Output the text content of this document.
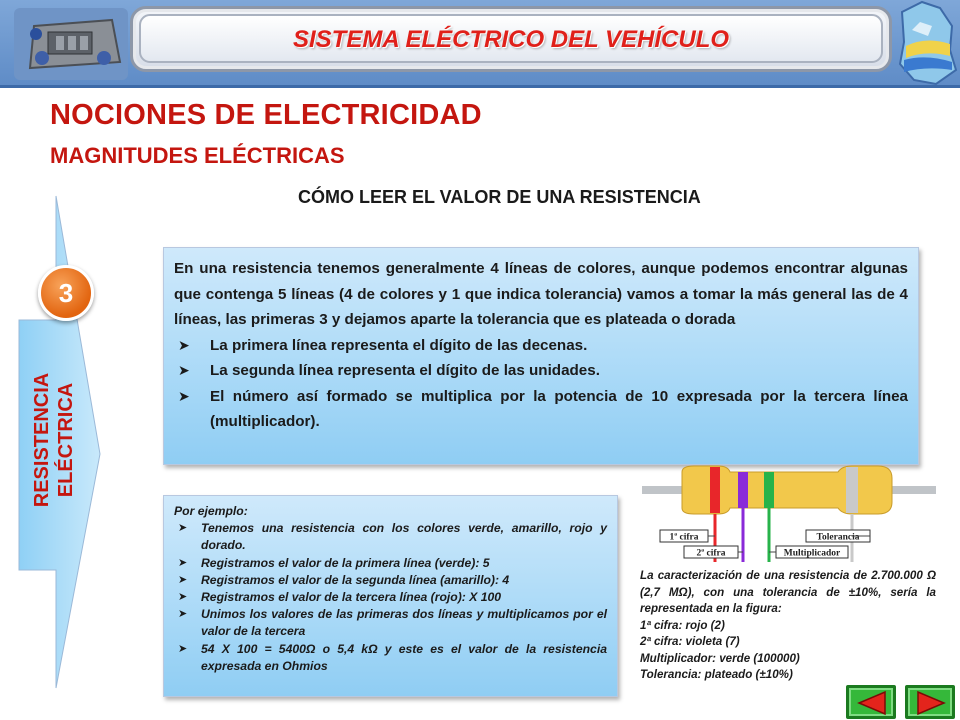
SISTEMA ELÉCTRICO DEL VEHÍCULO
NOCIONES DE ELECTRICIDAD
MAGNITUDES ELÉCTRICAS
CÓMO LEER EL VALOR DE UNA RESISTENCIA
3
RESISTENCIA ELÉCTRICA

En una resistencia tenemos generalmente 4 líneas de colores, aunque podemos encontrar algunas que contenga 5 líneas (4 de colores y 1 que indica tolerancia) vamos a tomar la más general las de 4 líneas, las primeras 3 y dejamos aparte la tolerancia que es plateada o dorada

➤ La primera línea representa el dígito de las decenas.
➤ La segunda línea representa el dígito de las unidades.
➤ El número así formado se multiplica por la potencia de 10 expresada por la tercera línea (multiplicador).
Por ejemplo:
➤ Tenemos una resistencia con los colores verde, amarillo, rojo y dorado.
➤ Registramos el valor de la primera línea (verde): 5
➤ Registramos el valor de la segunda línea (amarillo): 4
➤ Registramos el valor de la tercera línea (rojo): X 100
➤ Unimos los valores de las primeras dos líneas y multiplicamos por el valor de la tercera
➤ 54 X 100 = 5400Ω o 5,4 kΩ y este es el valor de la resistencia expresada en Ohmios
1ª cifra
2ª cifra
Tolerancia
Multiplicador
La caracterización de una resistencia de 2.700.000 Ω (2,7 MΩ), con una tolerancia de ±10%, sería la representada en la figura:
1ª cifra: rojo (2)
2ª cifra: violeta (7)
Multiplicador: verde (100000)
Tolerancia: plateado (±10%)
